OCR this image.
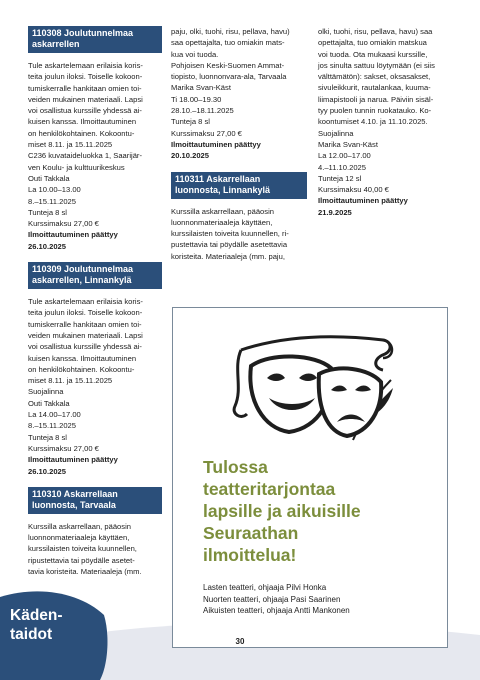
110308 Joulutunnelmaa askarrellen
Tule askartelemaan erilaisia koris-
teita joulun iloksi. Toiselle kokoon-
tumiskerralle hankitaan omien toi-
veiden mukainen materiaali. Lapsi
voi osallistua kurssille yhdessä ai-
kuisen kanssa. Ilmoittautuminen
on henkilökohtainen. Kokoontu-
miset 8.11. ja 15.11.2025
C236 kuvataideluokka 1, Saarijär-
ven Koulu- ja kulttuurikeskus
Outi Takkala
La 10.00–13.00
8.–15.11.2025
Tunteja 8 sl
Kurssimaksu 27,00 €
Ilmoittautuminen päättyy
26.10.2025
110309 Joulutunnelmaa askarrellen, Linnankylä
Tule askartelemaan erilaisia koris-
teita joulun iloksi. Toiselle kokoon-
tumiskerralle hankitaan omien toi-
veiden mukainen materiaali. Lapsi
voi osallistua kurssille yhdessä ai-
kuisen kanssa. Ilmoittautuminen
on henkilökohtainen. Kokoontu-
miset 8.11. ja 15.11.2025
Suojalinna
Outi Takkala
La 14.00–17.00
8.–15.11.2025
Tunteja 8 sl
Kurssimaksu 27,00 €
Ilmoittautuminen päättyy
26.10.2025
110310 Askarrellaan luonnosta, Tarvaala
Kurssilla askarrellaan, pääosin
luonnonmateriaaleja käyttäen,
kurssilaisten toiveita kuunnellen,
ripustettavia tai pöydälle asetet-
tavia koristeita. Materiaaleja (mm.
paju, olki, tuohi, risu, pellava, havu)
saa opettajalta, tuo omiakin mats-
kua voi tuoda.
Pohjoisen Keski-Suomen Ammat-
tiopisto, luonnonvara-ala, Tarvaala
Marika Svan-Käst
Ti 18.00–19.30
28.10.–18.11.2025
Tunteja 8 sl
Kurssimaksu 27,00 €
Ilmoittautuminen päättyy
20.10.2025
110311 Askarrellaan luonnosta, Linnankylä
Kurssilla askarrellaan, pääosin
luonnonmateriaaleja käyttäen,
kurssilaisten toiveita kuunnellen, ri-
pustettavia tai pöydälle asetettavia
koristeita. Materiaaleja (mm. paju,
olki, tuohi, risu, pellava, havu) saa
opettajalta, tuo omiakin matskua
voi tuoda. Ota mukaasi kurssille,
jos sinulta sattuu löytymään (ei siis
välttämätön): sakset, oksasakset,
sivuleikkurit, rautalankaa, kuuma-
liimapistooli ja narua. Päiviin sisäl-
tyy puolen tunnin ruokatauko. Ko-
koontumiset 4.10. ja 11.10.2025.
Suojalinna
Marika Svan-Käst
La 12.00–17.00
4.–11.10.2025
Tunteja 12 sl
Kurssimaksu 40,00 €
Ilmoittautuminen päättyy
21.9.2025
Tulossa
teatteritarjontaa
lapsille ja aikuisille
Seuraathan
ilmoittelua!
Lasten teatteri, ohjaaja Pilvi Honka
Nuorten teatteri, ohjaaja Pasi Saarinen
Aikuisten teatteri, ohjaaja Antti Mankonen
Käden-
taidot	30
